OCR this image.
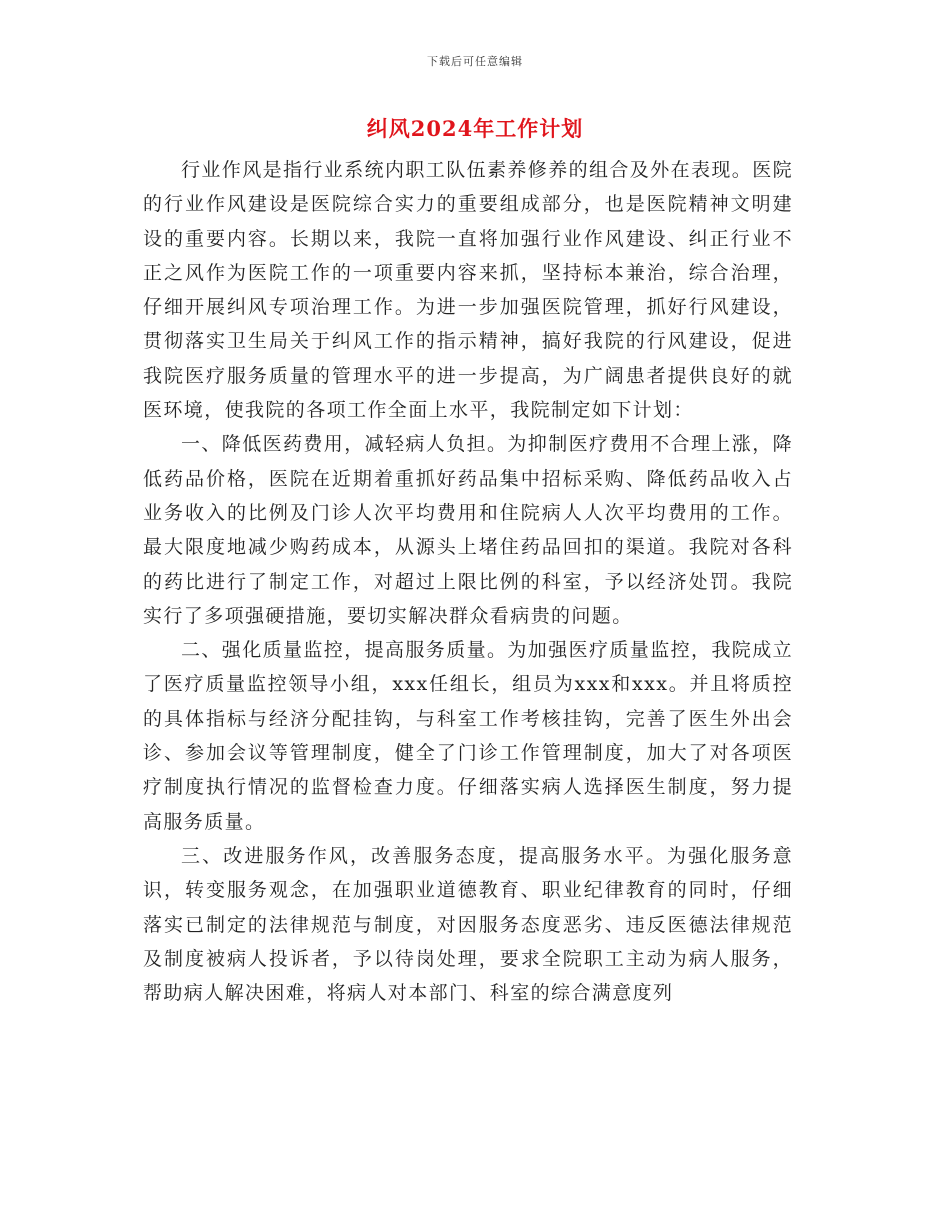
下载后可任意编辑
纠风2024年工作计划

行业作风是指行业系统内职工队伍素养修养的组合及外在表现。医院的行业作风建设是医院综合实力的重要组成部分，也是医院精神文明建设的重要内容。长期以来，我院一直将加强行业作风建设、纠正行业不正之风作为医院工作的一项重要内容来抓，坚持标本兼治，综合治理，仔细开展纠风专项治理工作。为进一步加强医院管理，抓好行风建设，贯彻落实卫生局关于纠风工作的指示精神，搞好我院的行风建设，促进我院医疗服务质量的管理水平的进一步提高，为广阔患者提供良好的就医环境，使我院的各项工作全面上水平，我院制定如下计划：

一、降低医药费用，减轻病人负担。为抑制医疗费用不合理上涨，降低药品价格，医院在近期着重抓好药品集中招标采购、降低药品收入占业务收入的比例及门诊人次平均费用和住院病人人次平均费用的工作。最大限度地减少购药成本，从源头上堵住药品回扣的渠道。我院对各科的药比进行了制定工作，对超过上限比例的科室，予以经济处罚。我院实行了多项强硬措施，要切实解决群众看病贵的问题。

二、强化质量监控，提高服务质量。为加强医疗质量监控，我院成立了医疗质量监控领导小组，xxx任组长，组员为xxx和xxx。并且将质控的具体指标与经济分配挂钩，与科室工作考核挂钩，完善了医生外出会诊、参加会议等管理制度，健全了门诊工作管理制度，加大了对各项医疗制度执行情况的监督检查力度。仔细落实病人选择医生制度，努力提高服务质量。

三、改进服务作风，改善服务态度，提高服务水平。为强化服务意识，转变服务观念，在加强职业道德教育、职业纪律教育的同时，仔细落实已制定的法律规范与制度，对因服务态度恶劣、违反医德法律规范及制度被病人投诉者，予以待岗处理，要求全院职工主动为病人服务，帮助病人解决困难，将病人对本部门、科室的综合满意度列
